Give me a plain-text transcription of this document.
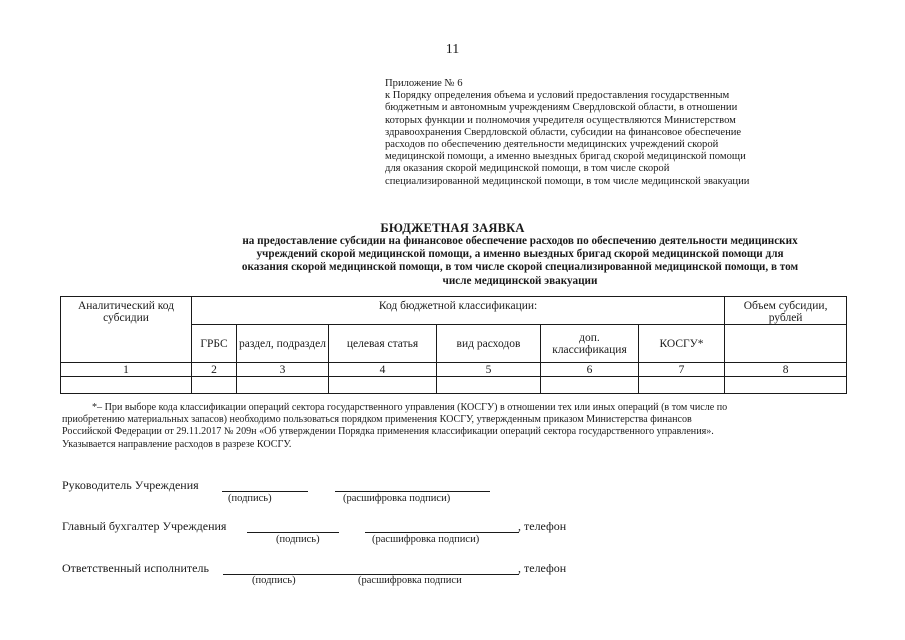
11
Приложение № 6
к Порядку определения объема и условий предоставления государственным
бюджетным и автономным учреждениям Свердловской области, в отношении
которых функции и полномочия учредителя осуществляются Министерством
здравоохранения Свердловской области, субсидии на финансовое обеспечение
расходов по обеспечению деятельности медицинских учреждений скорой
медицинской помощи, а именно выездных бригад скорой медицинской помощи
для оказания скорой медицинской помощи, в том числе скорой
специализированной медицинской помощи, в том числе медицинской эвакуации
БЮДЖЕТНАЯ ЗАЯВКА
на предоставление субсидии на финансовое обеспечение расходов по обеспечению деятельности медицинских
учреждений скорой медицинской помощи, а именно выездных бригад скорой медицинской помощи для
оказания скорой медицинской помощи, в том числе скорой специализированной медицинской помощи, в том
числе медицинской эвакуации
Аналитический код субсидии	Код бюджетной классификации:						Объем субсидии, рублей
	ГРБС	раздел, подраздел	целевая статья	вид расходов	доп. классификация	КОСГУ*	
1	2	3	4	5	6	7	8

*– При выборе кода классификации операций сектора государственного управления (КОСГУ) в отношении тех или иных операций (в том числе по
приобретению материальных запасов) необходимо пользоваться порядком применения КОСГУ, утвержденным приказом Министерства финансов
Российской Федерации от 29.11.2017 № 209н «Об утверждении Порядка применения классификации операций сектора государственного управления».
Указывается направление расходов в разрезе КОСГУ.
Руководитель Учреждения
(подпись)	(расшифровка подписи)
Главный бухгалтер Учреждения	, телефон
(подпись)	(расшифровка подписи)
Ответственный исполнитель	, телефон
(подпись)	(расшифровка подписи
